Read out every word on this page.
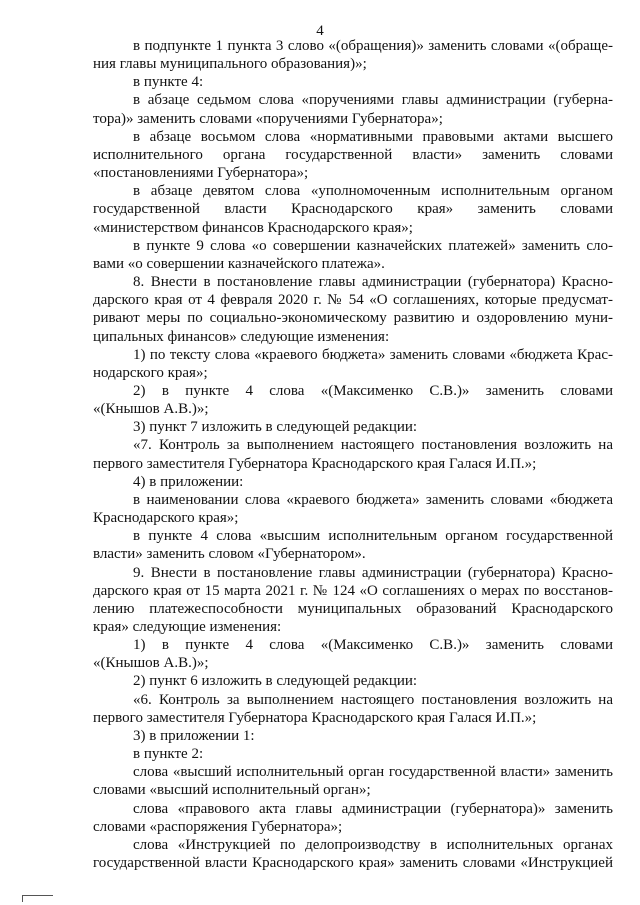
4
в подпункте 1 пункта 3 слово «(обращения)» заменить словами «(обраще-
ния главы муниципального образования)»;
в пункте 4:
в абзаце седьмом слова «поручениями главы администрации (губерна-
тора)» заменить словами «поручениями Губернатора»;
в абзаце восьмом слова «нормативными правовыми актами высшего
исполнительного органа государственной власти» заменить словами
«постановлениями Губернатора»;
в абзаце девятом слова «уполномоченным исполнительным органом
государственной власти Краснодарского края» заменить словами
«министерством финансов Краснодарского края»;
в пункте 9 слова «о совершении казначейских платежей» заменить сло-
вами «о совершении казначейского платежа».
8. Внести в постановление главы администрации (губернатора) Красно-
дарского края от 4 февраля 2020 г. № 54 «О соглашениях, которые предусмат-
ривают меры по социально-экономическому развитию и оздоровлению муни-
ципальных финансов» следующие изменения:
1) по тексту слова «краевого бюджета» заменить словами «бюджета Крас-
нодарского края»;
2) в пункте 4 слова «(Максименко С.В.)» заменить словами
«(Кнышов А.В.)»;
3) пункт 7 изложить в следующей редакции:
«7. Контроль за выполнением настоящего постановления возложить на
первого заместителя Губернатора Краснодарского края Галася И.П.»;
4) в приложении:
в наименовании слова «краевого бюджета» заменить словами «бюджета
Краснодарского края»;
в пункте 4 слова «высшим исполнительным органом государственной
власти» заменить словом «Губернатором».
9. Внести в постановление главы администрации (губернатора) Красно-
дарского края от 15 марта 2021 г. № 124 «О соглашениях о мерах по восстанов-
лению платежеспособности муниципальных образований Краснодарского
края» следующие изменения:
1) в пункте 4 слова «(Максименко С.В.)» заменить словами
«(Кнышов А.В.)»;
2) пункт 6 изложить в следующей редакции:
«6. Контроль за выполнением настоящего постановления возложить на
первого заместителя Губернатора Краснодарского края Галася И.П.»;
3) в приложении 1:
в пункте 2:
слова «высший исполнительный орган государственной власти» заменить
словами «высший исполнительный орган»;
слова «правового акта главы администрации (губернатора)» заменить
словами «распоряжения Губернатора»;
слова «Инструкцией по делопроизводству в исполнительных органах
государственной власти Краснодарского края» заменить словами «Инструкцией
